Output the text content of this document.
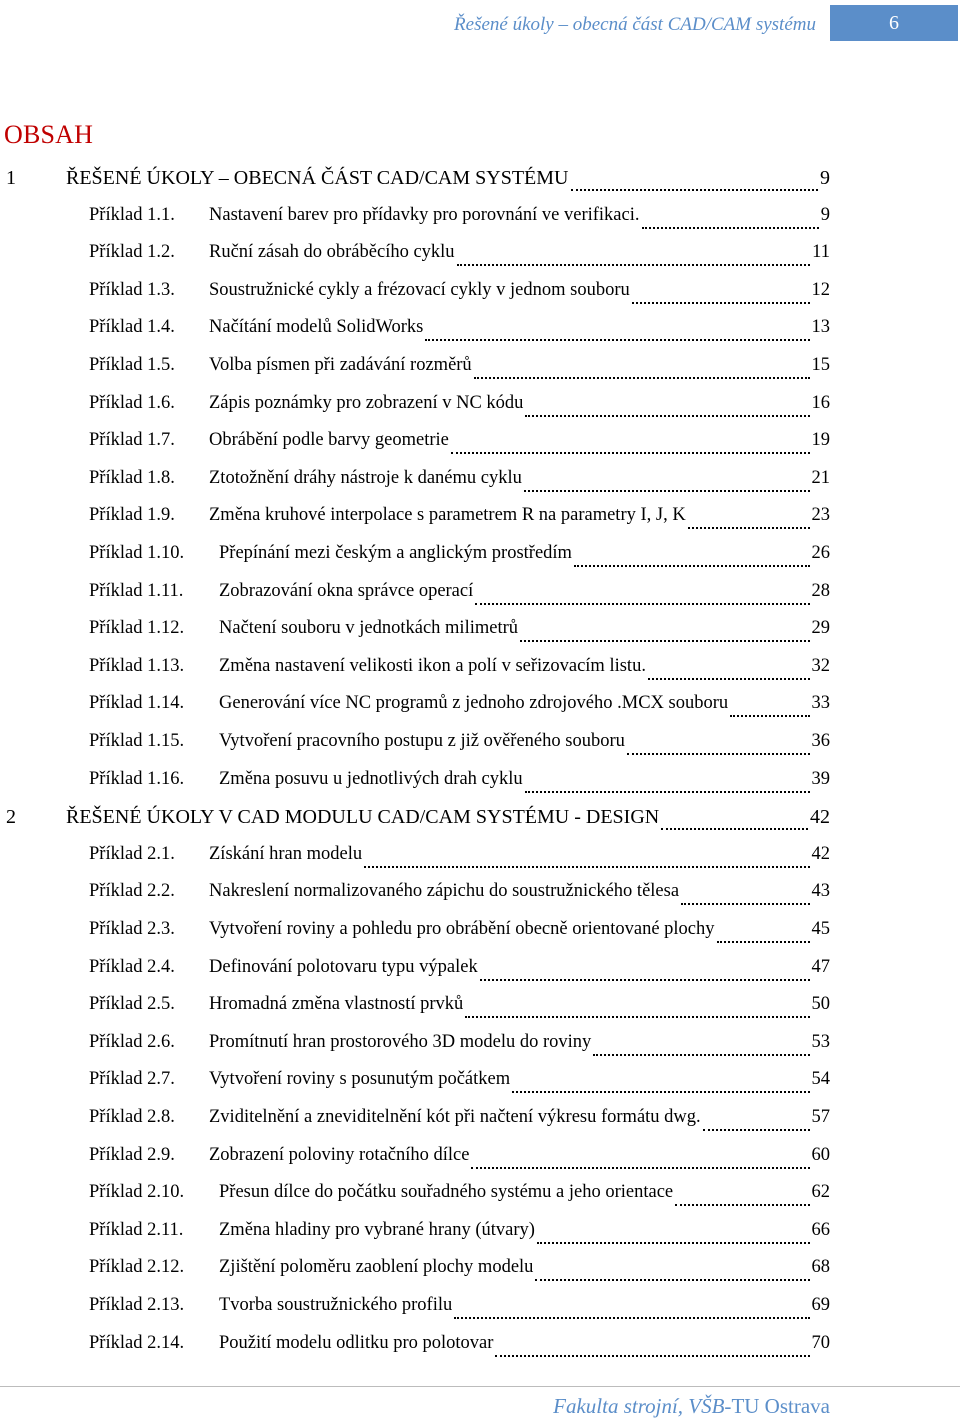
Řešené úkoly – obecná část CAD/CAM systému	6
OBSAH
1	ŘEŠENÉ ÚKOLY – OBECNÁ ČÁST CAD/CAM SYSTÉMU	9
Příklad 1.1.	Nastavení barev pro přídavky pro porovnání ve verifikaci.	9
Příklad 1.2.	Ruční zásah do obráběcího cyklu	11
Příklad 1.3.	Soustružnické cykly a frézovací cykly v jednom souboru	12
Příklad 1.4.	Načítání modelů SolidWorks	13
Příklad 1.5.	Volba písmen při zadávání rozměrů	15
Příklad 1.6.	Zápis poznámky pro zobrazení v NC kódu	16
Příklad 1.7.	Obrábění podle barvy geometrie	19
Příklad 1.8.	Ztotožnění dráhy nástroje k danému cyklu	21
Příklad 1.9.	Změna kruhové interpolace s parametrem R na parametry I, J, K	23
Příklad 1.10.	Přepínání mezi českým a anglickým prostředím	26
Příklad 1.11.	Zobrazování okna správce operací	28
Příklad 1.12.	Načtení souboru v jednotkách milimetrů	29
Příklad 1.13.	Změna nastavení velikosti ikon a polí v seřizovacím listu.	32
Příklad 1.14.	Generování více NC programů z jednoho zdrojového .MCX souboru	33
Příklad 1.15.	Vytvoření pracovního postupu z již ověřeného souboru	36
Příklad 1.16.	Změna posuvu u jednotlivých drah cyklu	39
2	ŘEŠENÉ ÚKOLY V CAD MODULU CAD/CAM SYSTÉMU - DESIGN	42
Příklad 2.1.	Získání hran modelu	42
Příklad 2.2.	Nakreslení normalizovaného zápichu do soustružnického tělesa	43
Příklad 2.3.	Vytvoření roviny a pohledu pro obrábění obecně orientované plochy	45
Příklad 2.4.	Definování polotovaru typu výpalek	47
Příklad 2.5.	Hromadná změna vlastností prvků	50
Příklad 2.6.	Promítnutí hran prostorového 3D modelu do roviny	53
Příklad 2.7.	Vytvoření roviny s posunutým počátkem	54
Příklad 2.8.	Zviditelnění a zneviditelnění kót při načtení výkresu formátu dwg.	57
Příklad 2.9.	Zobrazení poloviny rotačního dílce	60
Příklad 2.10.	Přesun dílce do počátku souřadného systému a jeho orientace	62
Příklad 2.11.	Změna hladiny pro vybrané hrany (útvary)	66
Příklad 2.12.	Zjištění poloměru zaoblení plochy modelu	68
Příklad 2.13.	Tvorba soustružnického profilu	69
Příklad 2.14.	Použití modelu odlitku pro polotovar	70
Fakulta strojní, VŠB-TU Ostrava
